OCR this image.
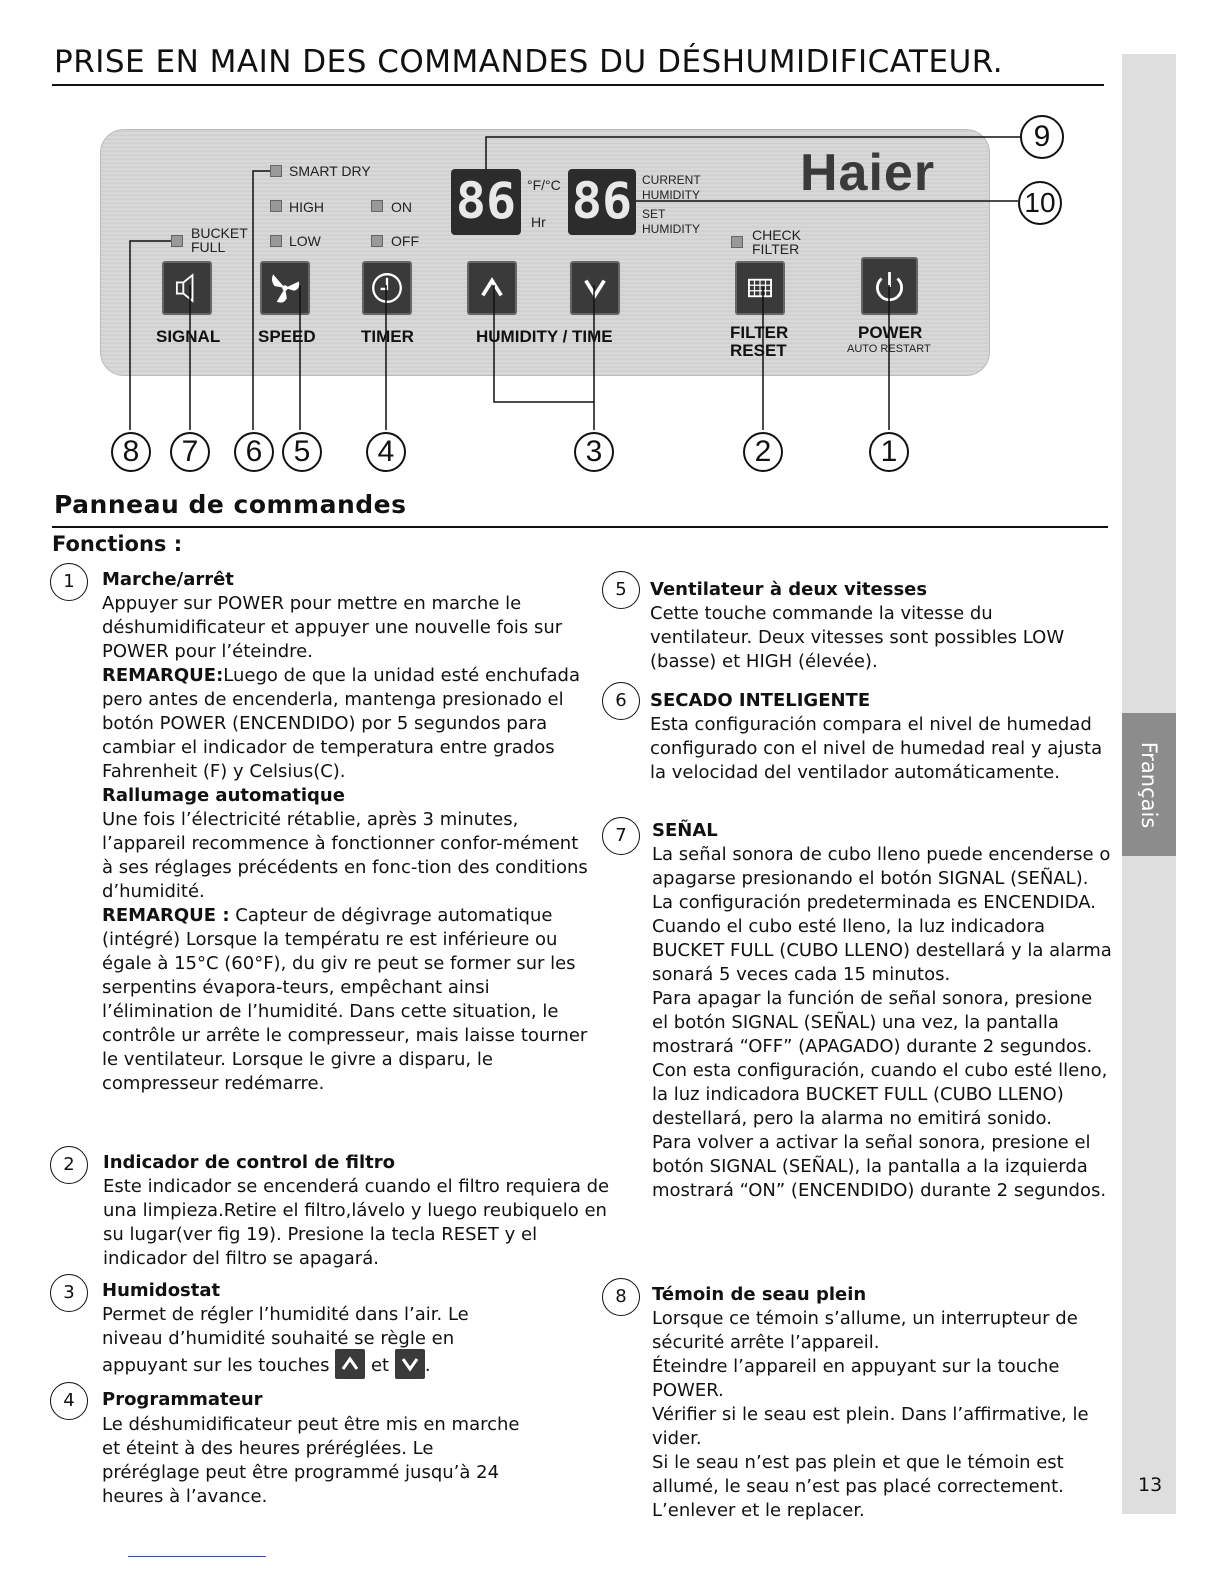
PRISE EN MAIN DES COMMANDES DU DÉSHUMIDIFICATEUR.
Français
13
Haier
SMART DRY
HIGH	ON
LOW	OFF
BUCKET
FULL
CHECK
FILTER
86 °F/°C
Hr 86 CURRENT
HUMIDITY
SET
HUMIDITY
SIGNAL SPEED	TIMER	HUMIDITY / TIME	FILTER
RESET
POWER
AUTO RESTART
8	7	6	5	4	3	2	1
9
10
Panneau de commandes
Fonctions :
1	Marche/arrêt
Appuyer sur POWER pour mettre en marche le déshumidificateur et appuyer une nouvelle fois sur POWER pour l’éteindre.
REMARQUE:Luego de que la unidad esté enchufada pero antes de encenderla, mantenga presionado el botón POWER (ENCENDIDO) por 5 segundos para cambiar el indicador de temperatura entre grados Fahrenheit (F) y Celsius(C).
Rallumage automatique
Une fois l’électricité rétablie, après 3 minutes, l’appareil recommence à fonctionner confor-mément à ses réglages précédents en fonc-tion des conditions d’humidité.
REMARQUE : Capteur de dégivrage automatique (intégré) Lorsque la températu re est inférieure ou égale à 15°C (60°F), du giv re peut se former sur les serpentins évapora-teurs, empêchant ainsi l’élimination de l’humidité. Dans cette situation, le contrôle ur arrête le compresseur, mais laisse tourner le ventilateur. Lorsque le givre a disparu, le compresseur redémarre.
2	Indicador de control de filtro
Este indicador se encenderá cuando el filtro requiera de una limpieza.Retire el filtro,lávelo y luego reubiquelo en su lugar(ver fig 19). Presione la tecla RESET y el indicador del filtro se apagará.
3	Humidostat
Permet de régler l’humidité dans l’air. Le niveau d’humidité souhaité se règle en appuyant sur les touches et .
4	Programmateur
Le déshumidificateur peut être mis en marche et éteint à des heures préréglées. Le préréglage peut être programmé jusqu’à 24 heures à l’avance.
5	Ventilateur à deux vitesses
Cette touche commande la vitesse du ventilateur. Deux vitesses sont possibles LOW (basse) et HIGH (élevée).
6	SECADO INTELIGENTE
Esta configuración compara el nivel de humedad configurado con el nivel de humedad real y ajusta la velocidad del ventilador automáticamente.
7	SEÑAL
La señal sonora de cubo lleno puede encenderse o apagarse presionando el botón SIGNAL (SEÑAL). La configuración predeterminada es ENCENDIDA. Cuando el cubo esté lleno, la luz indicadora BUCKET FULL (CUBO LLENO) destellará y la alarma sonará 5 veces cada 15 minutos.
Para apagar la función de señal sonora, presione el botón SIGNAL (SEÑAL) una vez, la pantalla mostrará “OFF” (APAGADO) durante 2 segundos. Con esta configuración, cuando el cubo esté lleno, la luz indicadora BUCKET FULL (CUBO LLENO) destellará, pero la alarma no emitirá sonido.
Para volver a activar la señal sonora, presione el botón SIGNAL (SEÑAL), la pantalla a la izquierda mostrará “ON” (ENCENDIDO) durante 2 segundos.
8	Témoin de seau plein
Lorsque ce témoin s’allume, un interrupteur de sécurité arrête l’appareil.
Éteindre l’appareil en appuyant sur la touche POWER.
Vérifier si le seau est plein. Dans l’affirmative, le vider.
Si le seau n’est pas plein et que le témoin est allumé, le seau n’est pas placé correctement. L’enlever et le replacer.
